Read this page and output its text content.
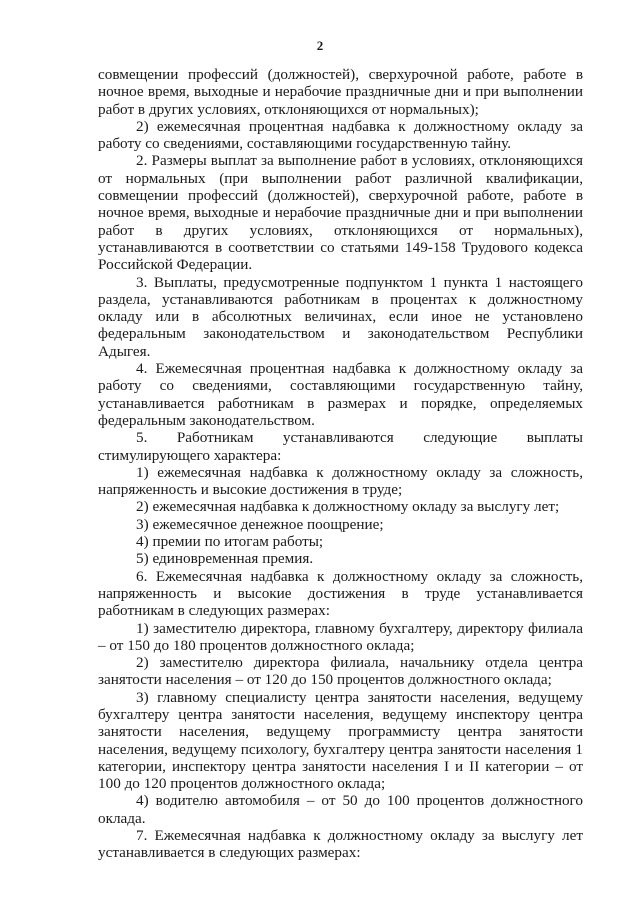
2

совмещении профессий (должностей), сверхурочной работе, работе в ночное время, выходные и нерабочие праздничные дни и при выполнении работ в других условиях, отклоняющихся от нормальных);

2) ежемесячная процентная надбавка к должностному окладу за работу со сведениями, составляющими государственную тайну.

2. Размеры выплат за выполнение работ в условиях, отклоняющихся от нормальных (при выполнении работ различной квалификации, совмещении профессий (должностей), сверхурочной работе, работе в ночное время, выходные и нерабочие праздничные дни и при выполнении работ в других условиях, отклоняющихся от нормальных), устанавливаются в соответствии со статьями 149-158 Трудового кодекса Российской Федерации.

3. Выплаты, предусмотренные подпунктом 1 пункта 1 настоящего раздела, устанавливаются работникам в процентах к должностному окладу или в абсолютных величинах, если иное не установлено федеральным законодательством и законодательством Республики Адыгея.

4. Ежемесячная процентная надбавка к должностному окладу за работу со сведениями, составляющими государственную тайну, устанавливается работникам в размерах и порядке, определяемых федеральным законодательством.

5. Работникам устанавливаются следующие выплаты стимулирующего характера:

1) ежемесячная надбавка к должностному окладу за сложность, напряженность и высокие достижения в труде;

2) ежемесячная надбавка к должностному окладу за выслугу лет;

3) ежемесячное денежное поощрение;

4) премии по итогам работы;

5) единовременная премия.

6. Ежемесячная надбавка к должностному окладу за сложность, напряженность и высокие достижения в труде устанавливается работникам в следующих размерах:

1) заместителю директора, главному бухгалтеру, директору филиала – от 150 до 180 процентов должностного оклада;

2) заместителю директора филиала, начальнику отдела центра занятости населения – от 120 до 150 процентов должностного оклада;

3) главному специалисту центра занятости населения, ведущему бухгалтеру центра занятости населения, ведущему инспектору центра занятости населения, ведущему программисту центра занятости населения, ведущему психологу, бухгалтеру центра занятости населения 1 категории, инспектору центра занятости населения I и II категории – от 100 до 120 процентов должностного оклада;

4) водителю автомобиля – от 50 до 100 процентов должностного оклада.

7. Ежемесячная надбавка к должностному окладу за выслугу лет устанавливается в следующих размерах:
